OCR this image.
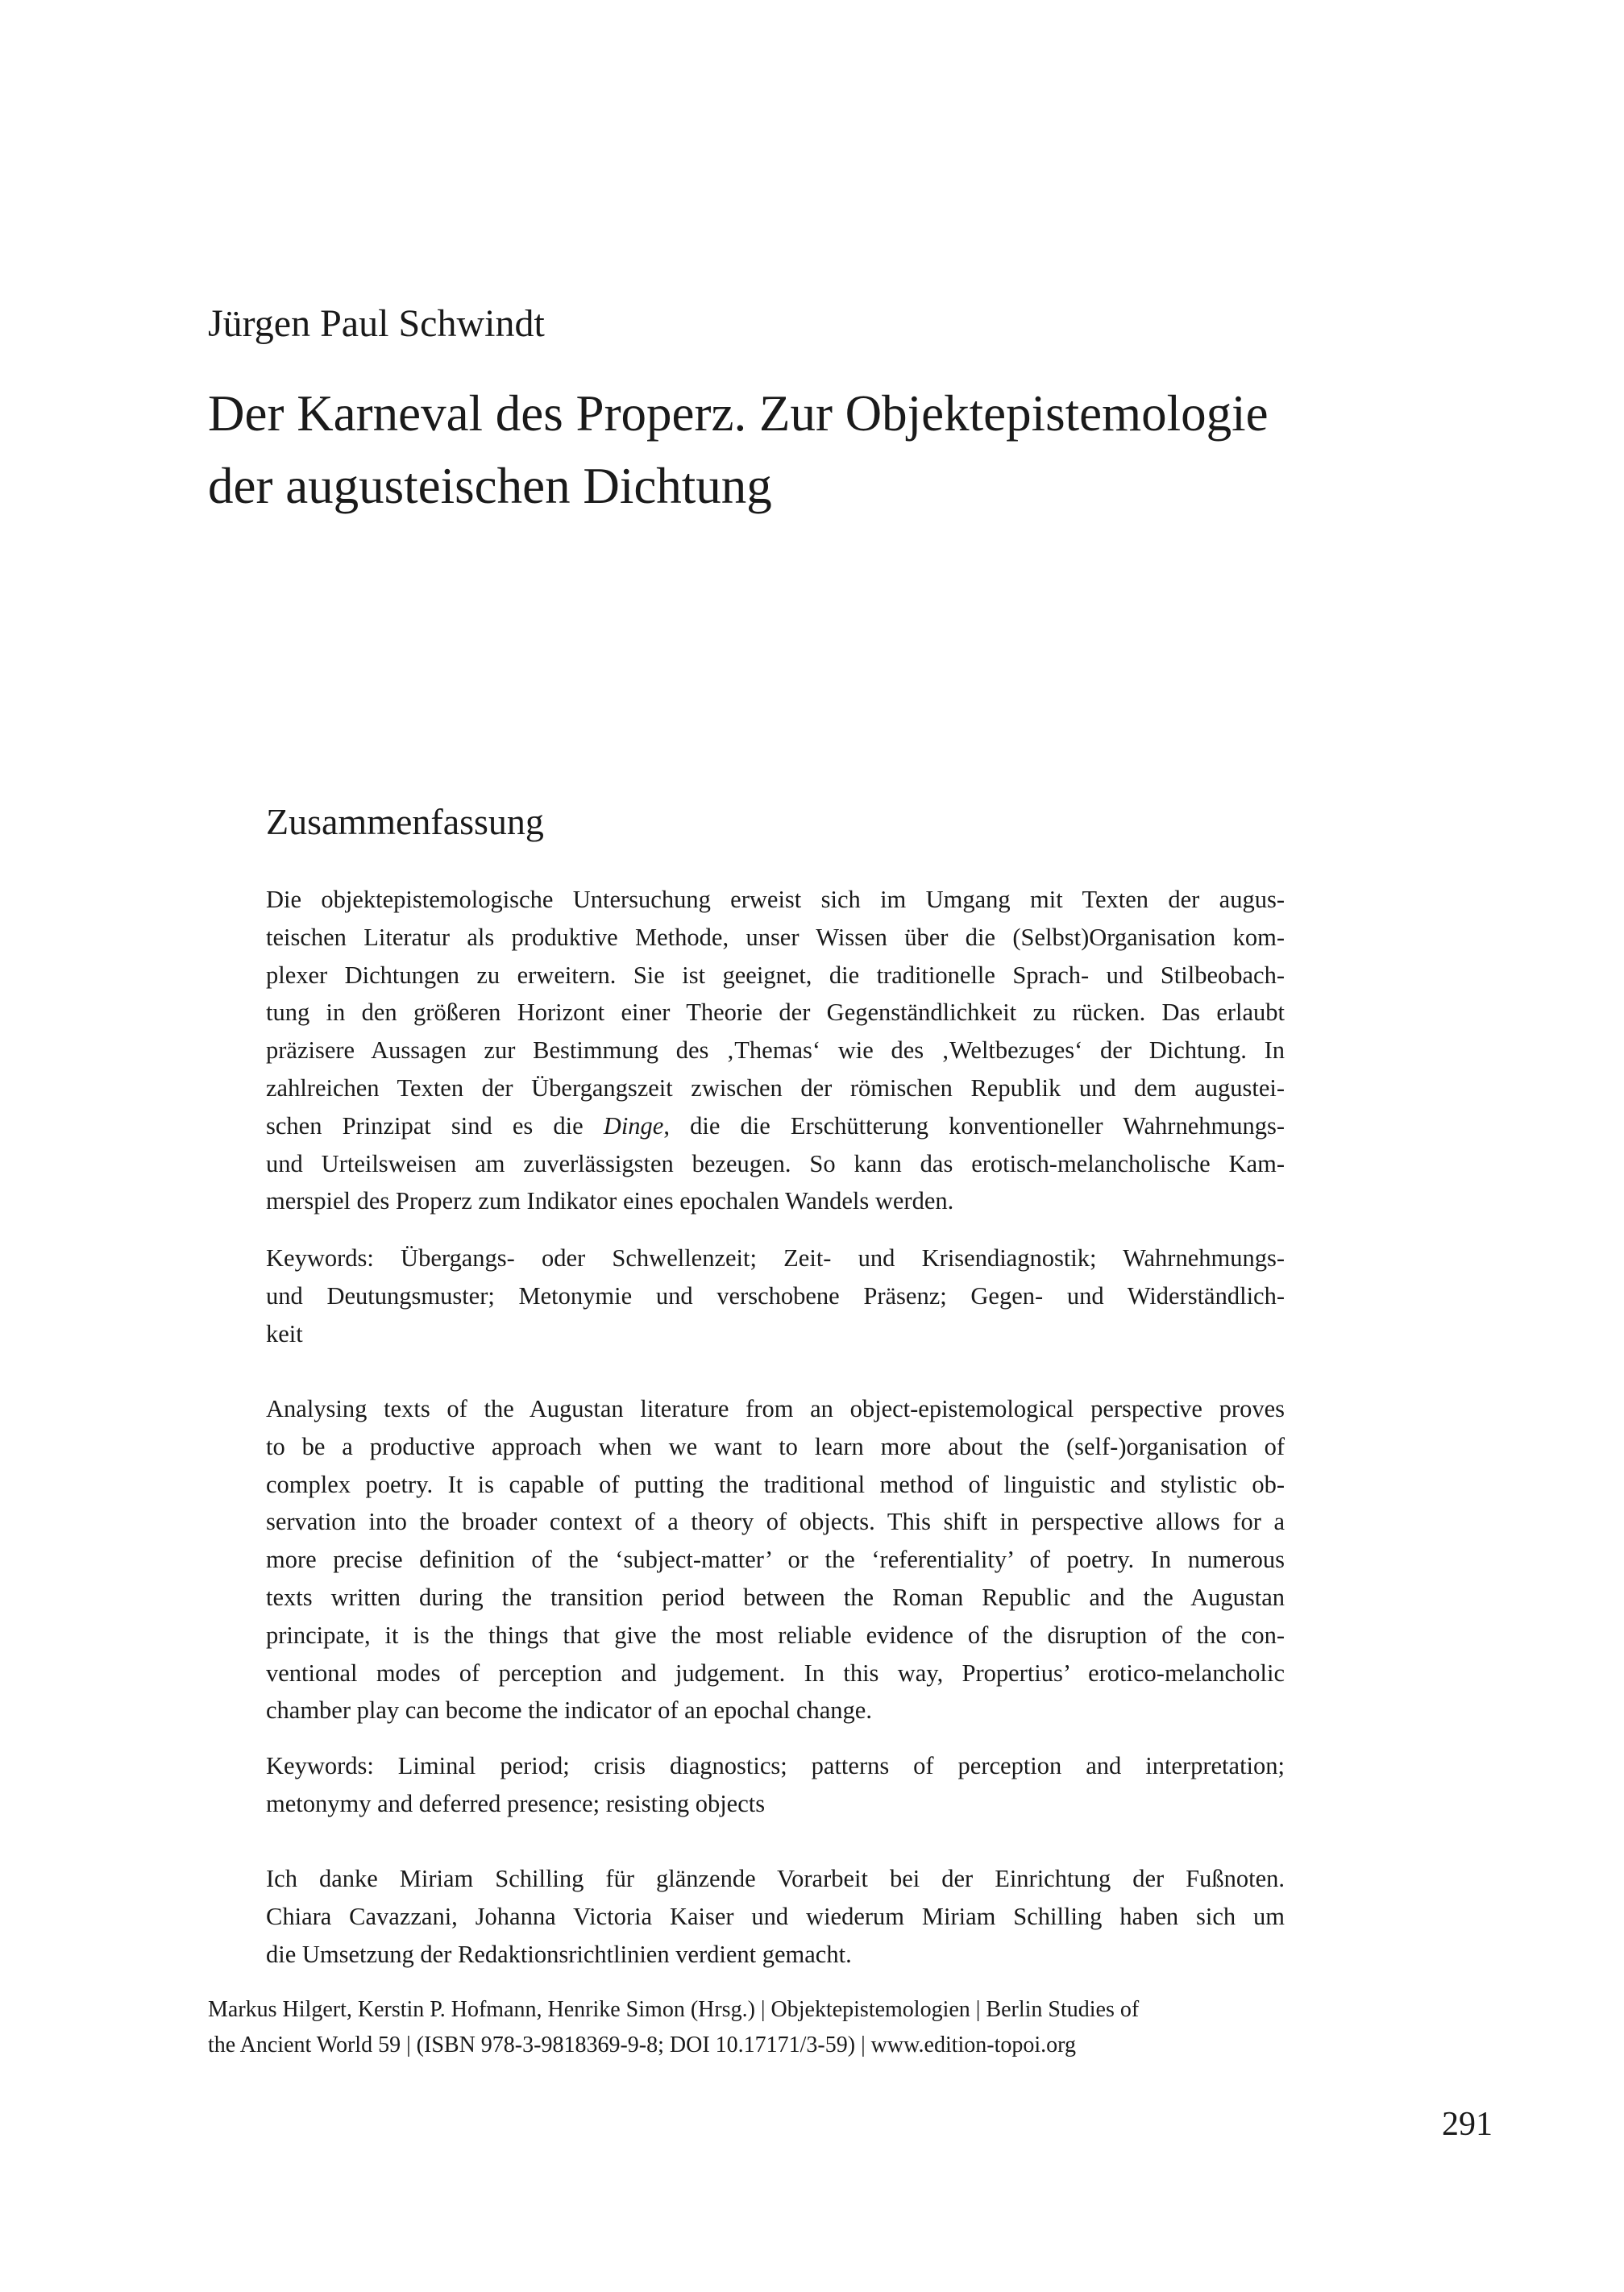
Jürgen Paul Schwindt
Der Karneval des Properz. Zur Objektepistemologie
der augusteischen Dichtung
Zusammenfassung
Die objektepistemologische Untersuchung erweist sich im Umgang mit Texten der augus-
teischen Literatur als produktive Methode, unser Wissen über die (Selbst)Organisation kom-
plexer Dichtungen zu erweitern. Sie ist geeignet, die traditionelle Sprach- und Stilbeobach-
tung in den größeren Horizont einer Theorie der Gegenständlichkeit zu rücken. Das erlaubt
präzisere Aussagen zur Bestimmung des ‚Themas‘ wie des ‚Weltbezuges‘ der Dichtung. In
zahlreichen Texten der Übergangszeit zwischen der römischen Republik und dem augustei-
schen Prinzipat sind es die Dinge, die die Erschütterung konventioneller Wahrnehmungs-
und Urteilsweisen am zuverlässigsten bezeugen. So kann das erotisch-melancholische Kam-
merspiel des Properz zum Indikator eines epochalen Wandels werden.
Keywords: Übergangs- oder Schwellenzeit; Zeit- und Krisendiagnostik; Wahrnehmungs-
und Deutungsmuster; Metonymie und verschobene Präsenz; Gegen- und Widerständlich-
keit
Analysing texts of the Augustan literature from an object-epistemological perspective proves
to be a productive approach when we want to learn more about the (self-)organisation of
complex poetry. It is capable of putting the traditional method of linguistic and stylistic ob-
servation into the broader context of a theory of objects. This shift in perspective allows for a
more precise definition of the ‘subject-matter’ or the ‘referentiality’ of poetry. In numerous
texts written during the transition period between the Roman Republic and the Augustan
principate, it is the things that give the most reliable evidence of the disruption of the con-
ventional modes of perception and judgement. In this way, Propertius’ erotico-melancholic
chamber play can become the indicator of an epochal change.
Keywords: Liminal period; crisis diagnostics; patterns of perception and interpretation;
metonymy and deferred presence; resisting objects
Ich danke Miriam Schilling für glänzende Vorarbeit bei der Einrichtung der Fußnoten.
Chiara Cavazzani, Johanna Victoria Kaiser und wiederum Miriam Schilling haben sich um
die Umsetzung der Redaktionsrichtlinien verdient gemacht.
Markus Hilgert, Kerstin P. Hofmann, Henrike Simon (Hrsg.) | Objektepistemologien | Berlin Studies of
the Ancient World 59 | (ISBN 978-3-9818369-9-8; DOI 10.17171/3-59) | www.edition-topoi.org
291
